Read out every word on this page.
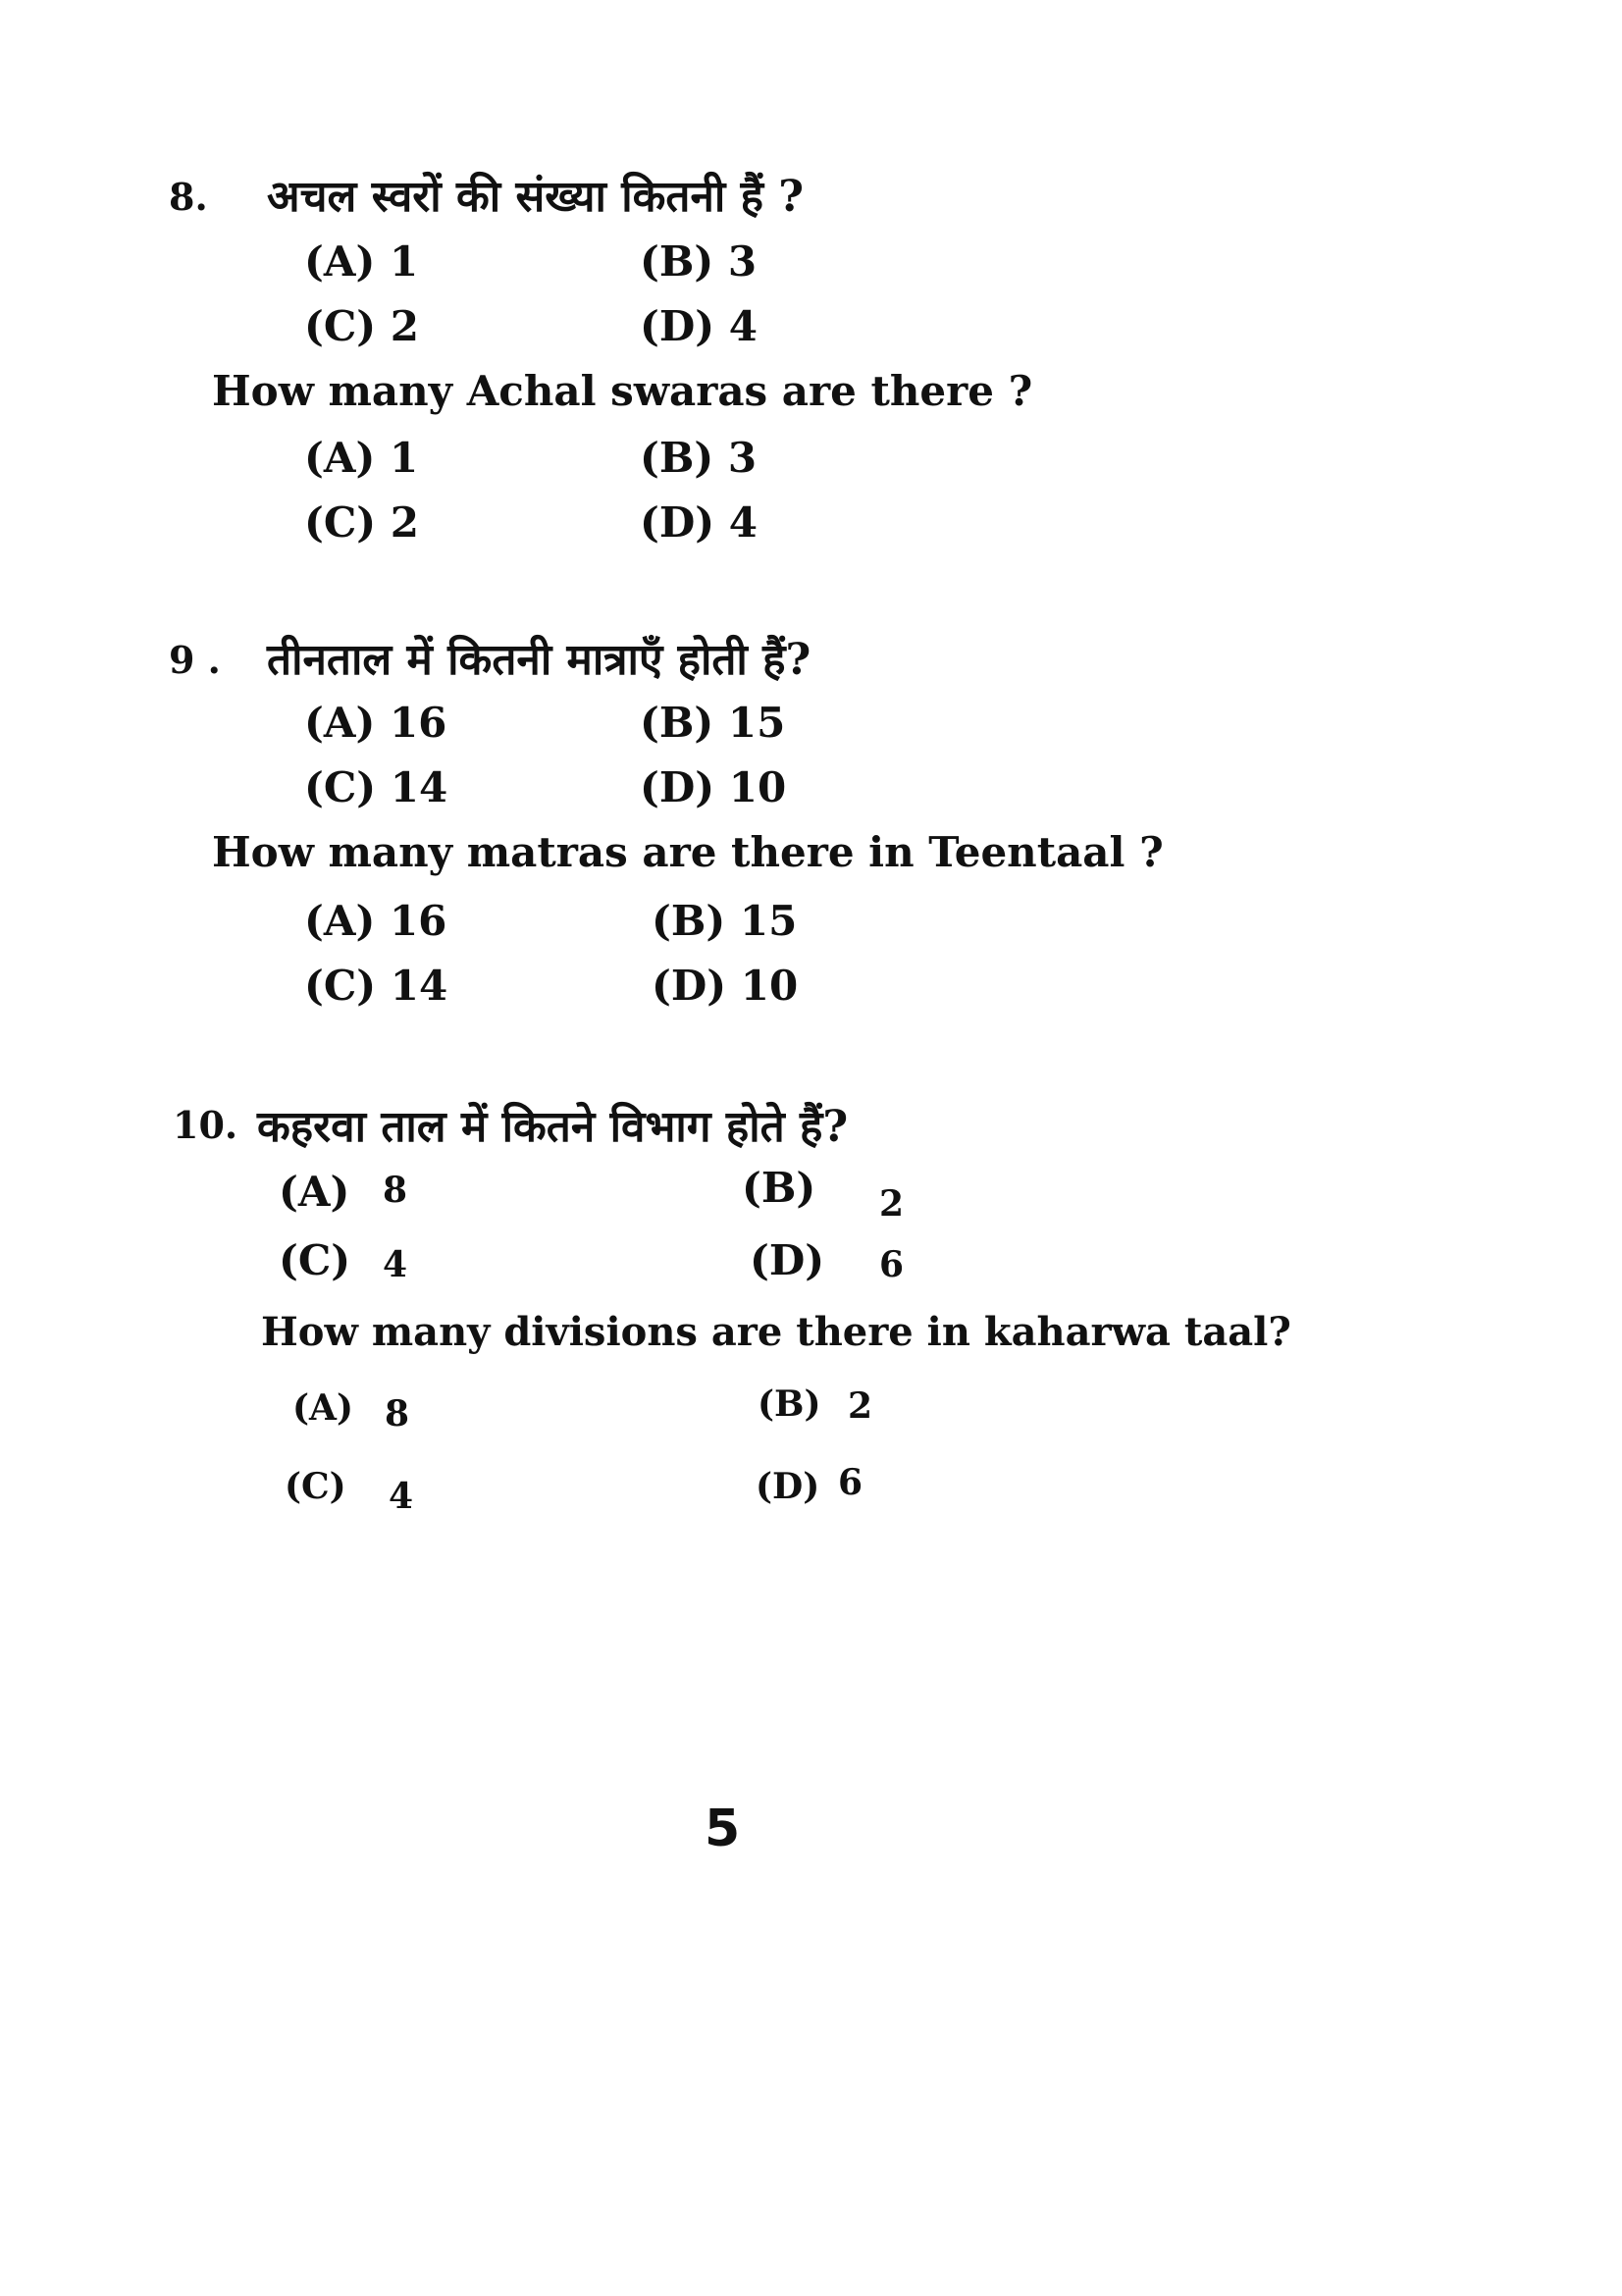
8. अचल स्वरों की संख्या कितनी हैं ?
(A) 1	(B) 3
(C) 2	(D) 4
How many Achal swaras are there ?
(A) 1	(B) 3
(C) 2	(D) 4
9 . तीनताल में कितनी मात्राएँ होती हैं?
(A) 16	(B) 15
(C) 14	(D) 10
How many matras are there in Teentaal ?
(A) 16	(B) 15
(C) 14	(D) 10
10. कहरवा ताल में कितने विभाग होते हैं?
(A) 8	(B) 2
(C) 4	(D) 6
How many divisions are there in kaharwa taal?
(A) 8	(B) 2
(C) 4	(D) 6
5
